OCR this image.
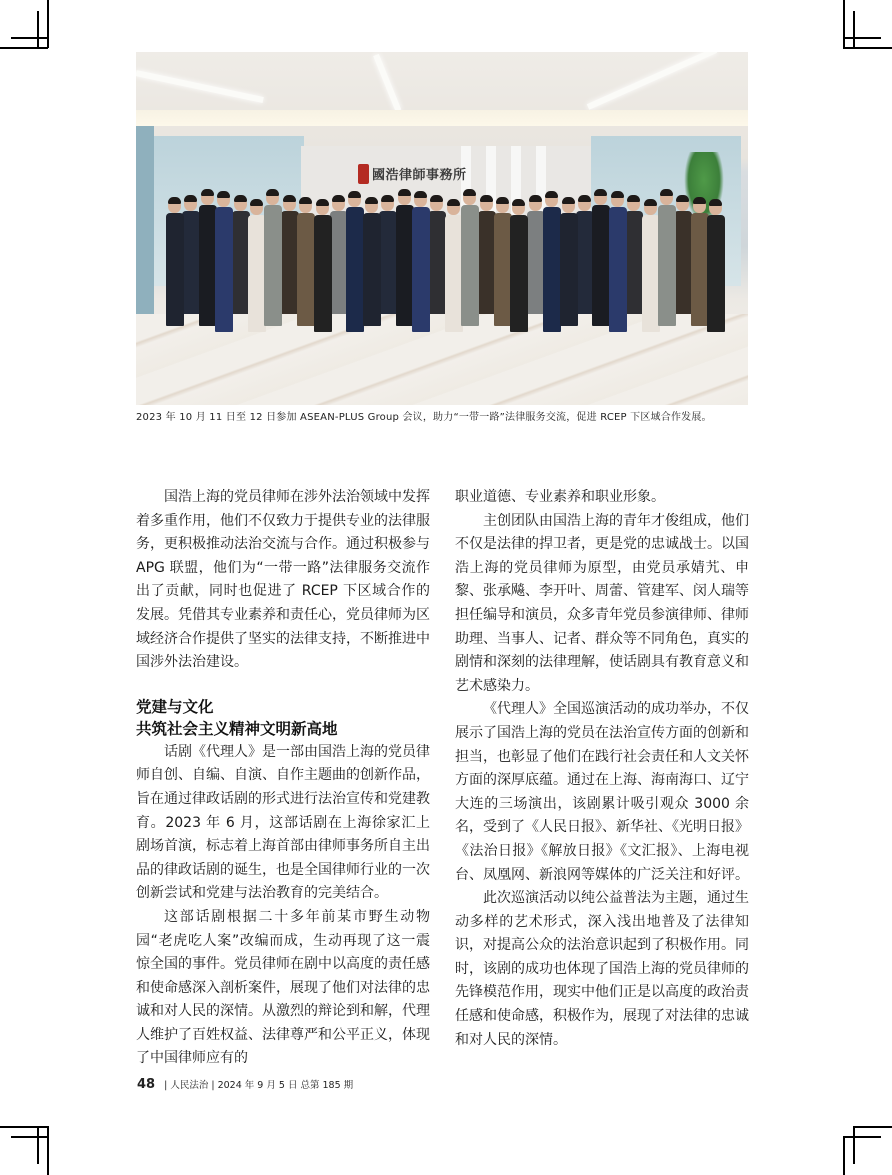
國浩律師事務所
2023 年 10 月 11 日至 12 日参加 ASEAN-PLUS Group 会议，助力“一带一路”法律服务交流，促进 RCEP 下区域合作发展。

国浩上海的党员律师在涉外法治领域中发挥着多重作用，他们不仅致力于提供专业的法律服务，更积极推动法治交流与合作。通过积极参与 APG 联盟，他们为“一带一路”法律服务交流作出了贡献，同时也促进了 RCEP 下区域合作的发展。凭借其专业素养和责任心，党员律师为区域经济合作提供了坚实的法律支持，不断推进中国涉外法治建设。

党建与文化
共筑社会主义精神文明新高地

话剧《代理人》是一部由国浩上海的党员律师自创、自编、自演、自作主题曲的创新作品，旨在通过律政话剧的形式进行法治宣传和党建教育。2023 年 6 月，这部话剧在上海徐家汇上剧场首演，标志着上海首部由律师事务所自主出品的律政话剧的诞生，也是全国律师行业的一次创新尝试和党建与法治教育的完美结合。

这部话剧根据二十多年前某市野生动物园“老虎吃人案”改编而成，生动再现了这一震惊全国的事件。党员律师在剧中以高度的责任感和使命感深入剖析案件，展现了他们对法律的忠诚和对人民的深情。从激烈的辩论到和解，代理人维护了百姓权益、法律尊严和公平正义，体现了中国律师应有的

职业道德、专业素养和职业形象。

主创团队由国浩上海的青年才俊组成，他们不仅是法律的捍卫者，更是党的忠诚战士。以国浩上海的党员律师为原型，由党员承婧艽、申黎、张承飚、李开叶、周蕾、管建军、闵人瑞等担任编导和演员，众多青年党员参演律师、律师助理、当事人、记者、群众等不同角色，真实的剧情和深刻的法律理解，使话剧具有教育意义和艺术感染力。

《代理人》全国巡演活动的成功举办，不仅展示了国浩上海的党员在法治宣传方面的创新和担当，也彰显了他们在践行社会责任和人文关怀方面的深厚底蕴。通过在上海、海南海口、辽宁大连的三场演出，该剧累计吸引观众 3000 余名，受到了《人民日报》、新华社、《光明日报》《法治日报》《解放日报》《文汇报》、上海电视台、凤凰网、新浪网等媒体的广泛关注和好评。

此次巡演活动以纯公益普法为主题，通过生动多样的艺术形式，深入浅出地普及了法律知识，对提高公众的法治意识起到了积极作用。同时，该剧的成功也体现了国浩上海的党员律师的先锋模范作用，现实中他们正是以高度的政治责任感和使命感，积极作为，展现了对法律的忠诚和对人民的深情。

48 | 人民法治 | 2024 年 9 月 5 日 总第 185 期
